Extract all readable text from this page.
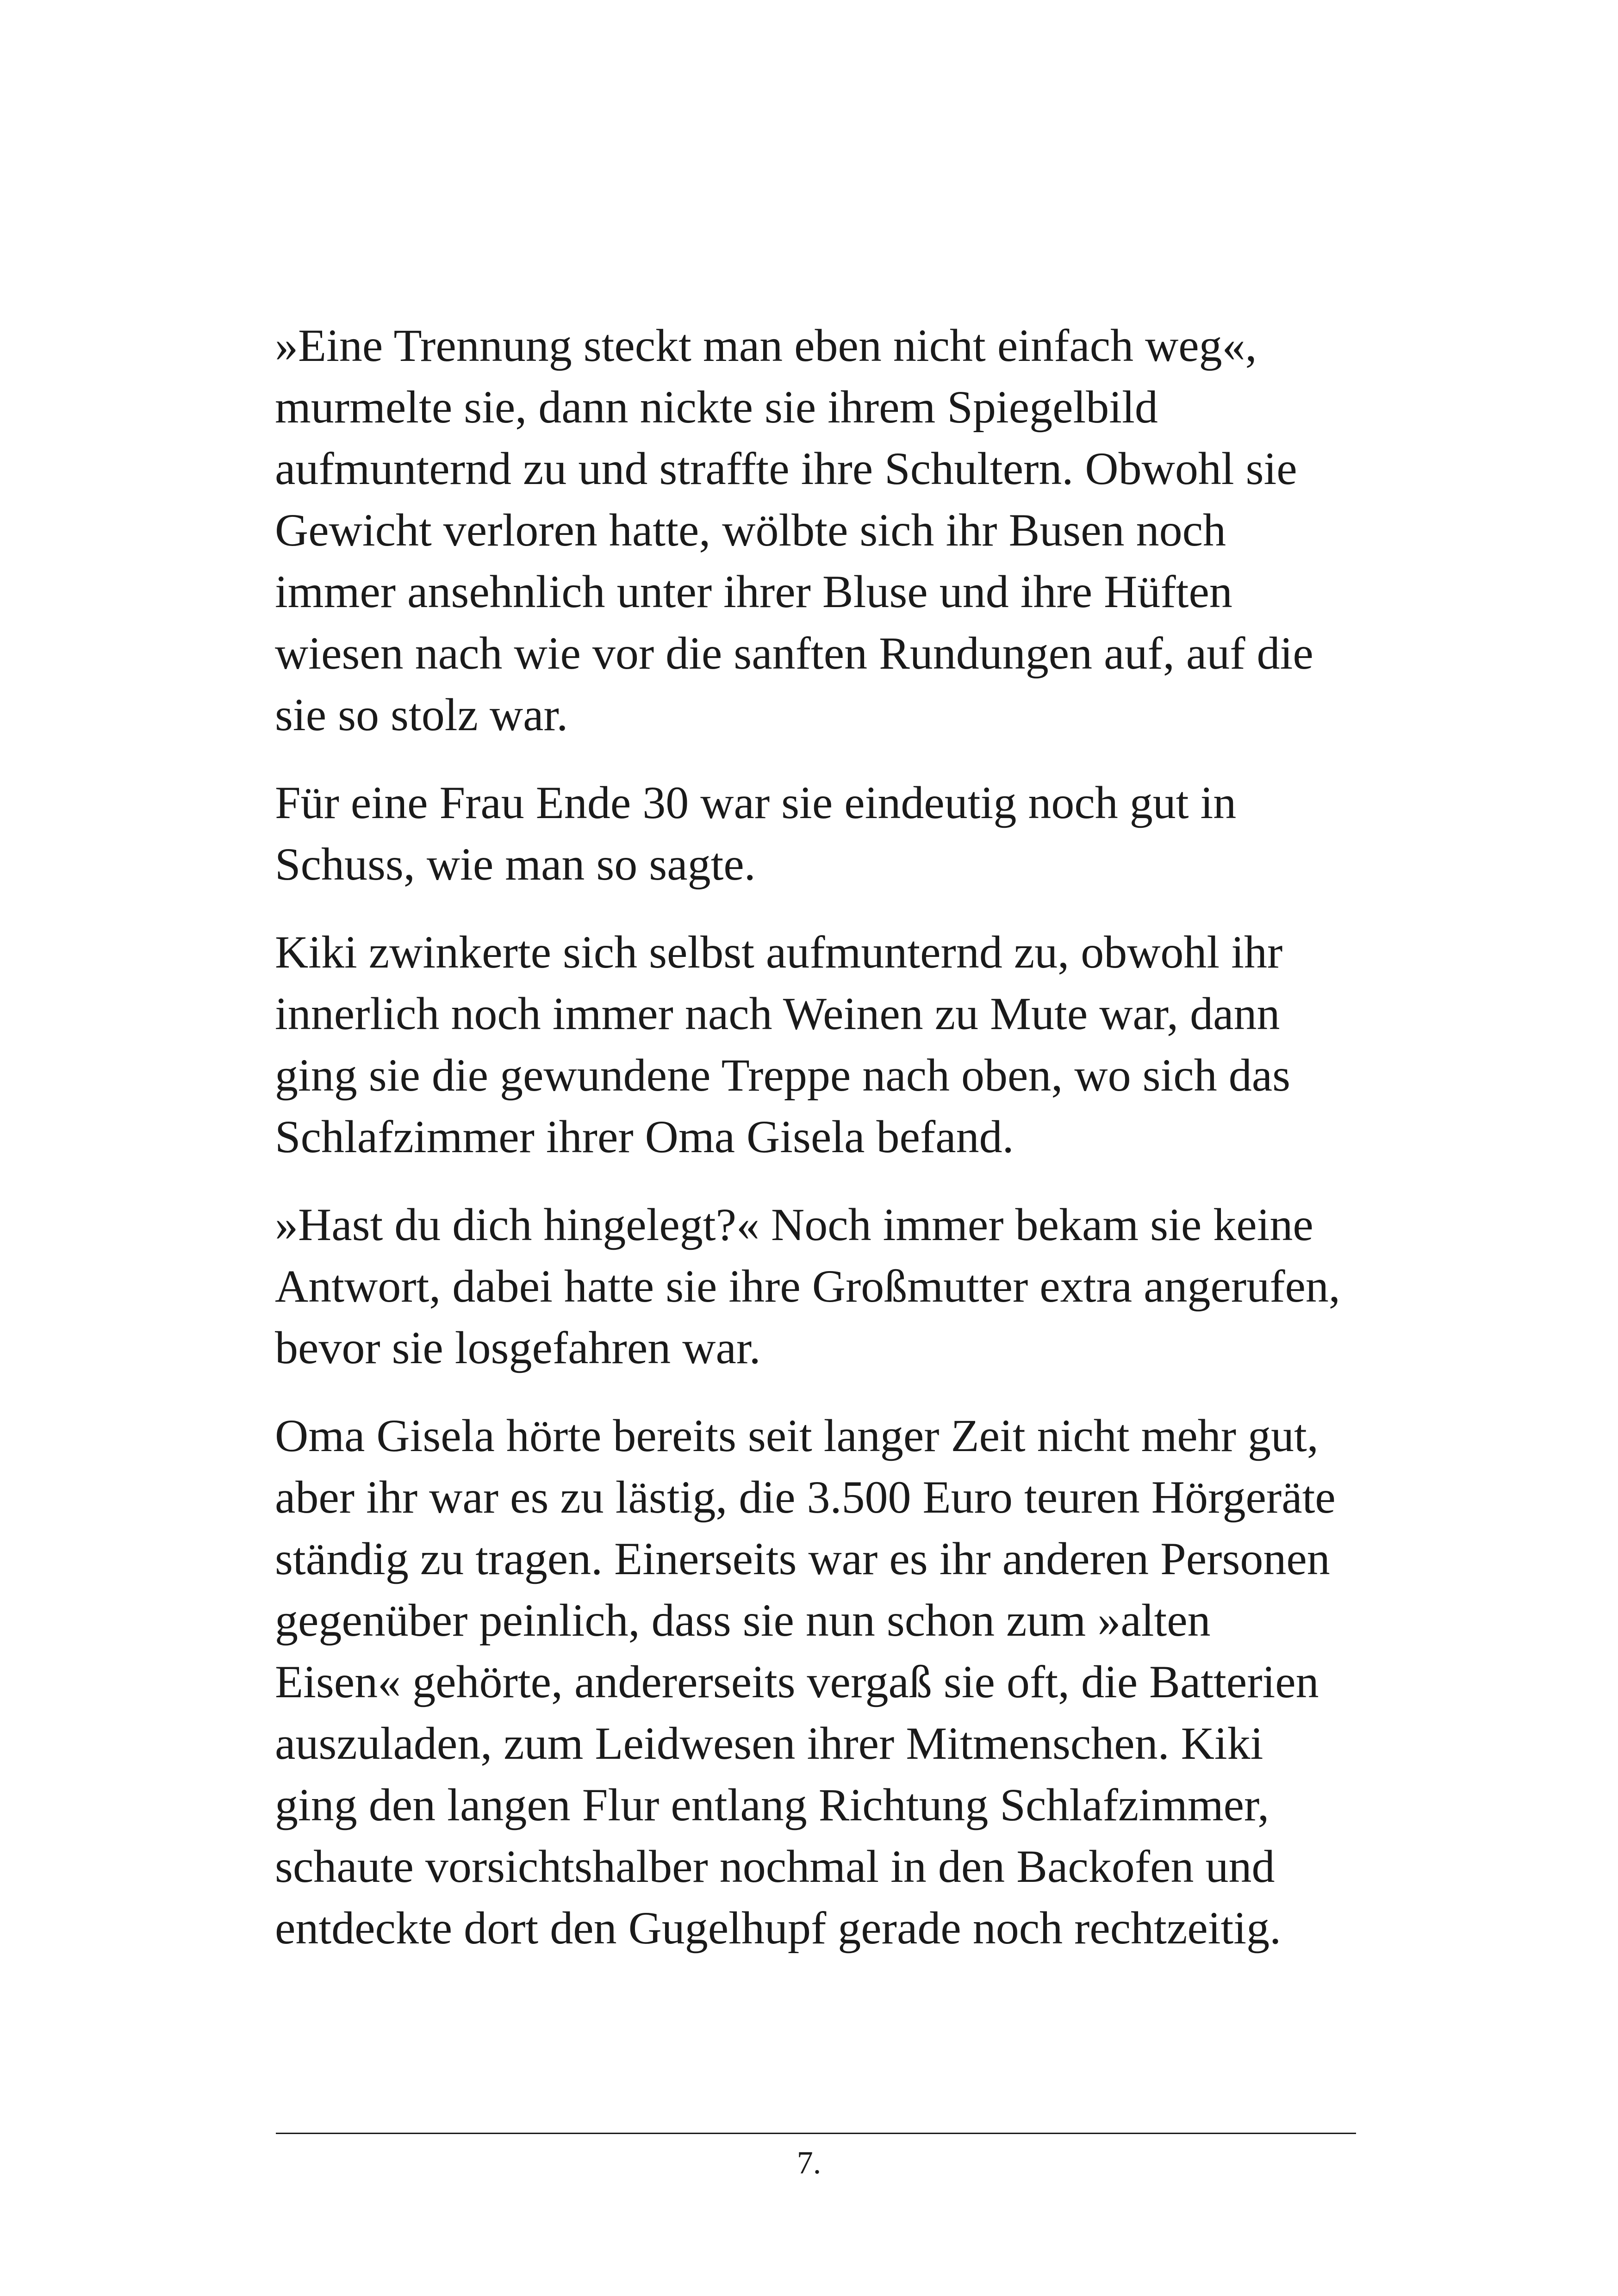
»Eine Trennung steckt man eben nicht einfach weg«,
murmelte sie, dann nickte sie ihrem Spiegelbild
aufmunternd zu und straffte ihre Schultern. Obwohl sie
Gewicht verloren hatte, wölbte sich ihr Busen noch
immer ansehnlich unter ihrer Bluse und ihre Hüften
wiesen nach wie vor die sanften Rundungen auf, auf die
sie so stolz war.
Für eine Frau Ende 30 war sie eindeutig noch gut in
Schuss, wie man so sagte.
Kiki zwinkerte sich selbst aufmunternd zu, obwohl ihr
innerlich noch immer nach Weinen zu Mute war, dann
ging sie die gewundene Treppe nach oben, wo sich das
Schlafzimmer ihrer Oma Gisela befand.
»Hast du dich hingelegt?« Noch immer bekam sie keine
Antwort, dabei hatte sie ihre Großmutter extra angerufen,
bevor sie losgefahren war.
Oma Gisela hörte bereits seit langer Zeit nicht mehr gut,
aber ihr war es zu lästig, die 3.500 Euro teuren Hörgeräte
ständig zu tragen. Einerseits war es ihr anderen Personen
gegenüber peinlich, dass sie nun schon zum »alten
Eisen« gehörte, andererseits vergaß sie oft, die Batterien
auszuladen, zum Leidwesen ihrer Mitmenschen. Kiki
ging den langen Flur entlang Richtung Schlafzimmer,
schaute vorsichtshalber nochmal in den Backofen und
entdeckte dort den Gugelhupf gerade noch rechtzeitig.
7.
